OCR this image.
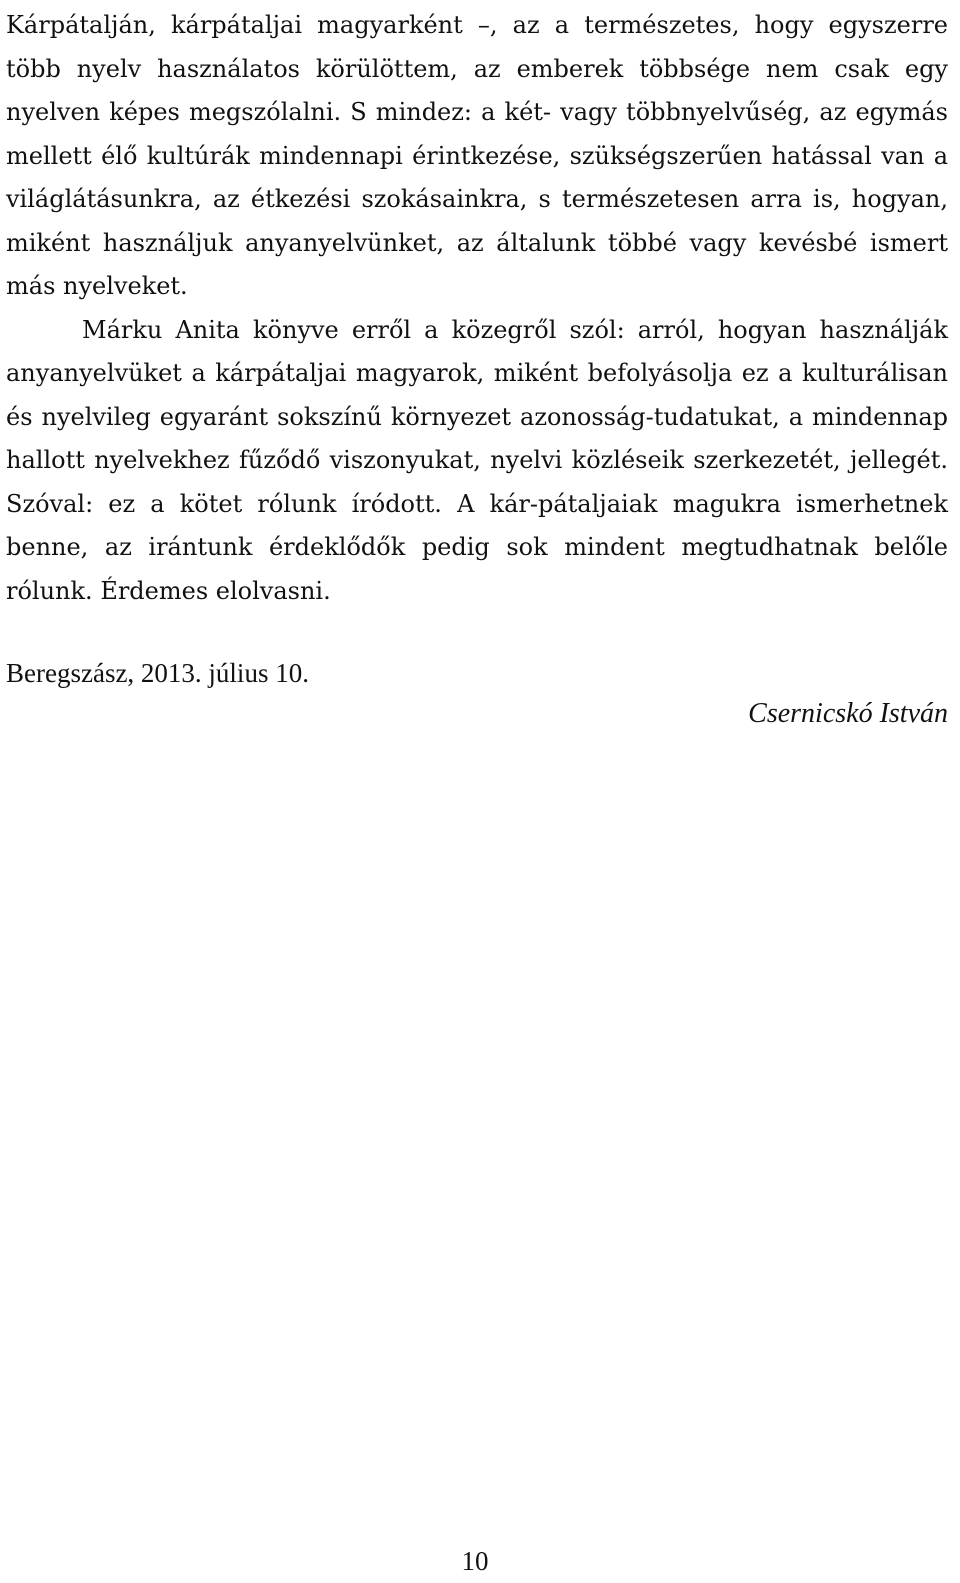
Kárpátalján, kárpátaljai magyarként –, az a természetes, hogy egyszerre több nyelv használatos körülöttem, az emberek többsége nem csak egy nyelven képes megszólalni. S mindez: a két- vagy többnyelvűség, az egymás mellett élő kultúrák mindennapi érintkezése, szükségszerűen hatással van a világlátásunkra, az étkezési szokásainkra, s természetesen arra is, hogyan, miként használjuk anyanyelvünket, az általunk többé vagy kevésbé ismert más nyelveket.

Márku Anita könyve erről a közegről szól: arról, hogyan használják anyanyelvüket a kárpátaljai magyarok, miként befolyásolja ez a kulturálisan és nyelvileg egyaránt sokszínű környezet azonosság-tudatukat, a mindennap hallott nyelvekhez fűződő viszonyukat, nyelvi közléseik szerkezetét, jellegét. Szóval: ez a kötet rólunk íródott. A kár-pátaljaiak magukra ismerhetnek benne, az irántunk érdeklődők pedig sok mindent megtudhatnak belőle rólunk. Érdemes elolvasni.

Beregszász, 2013. július 10.
Csernicskó István
10
